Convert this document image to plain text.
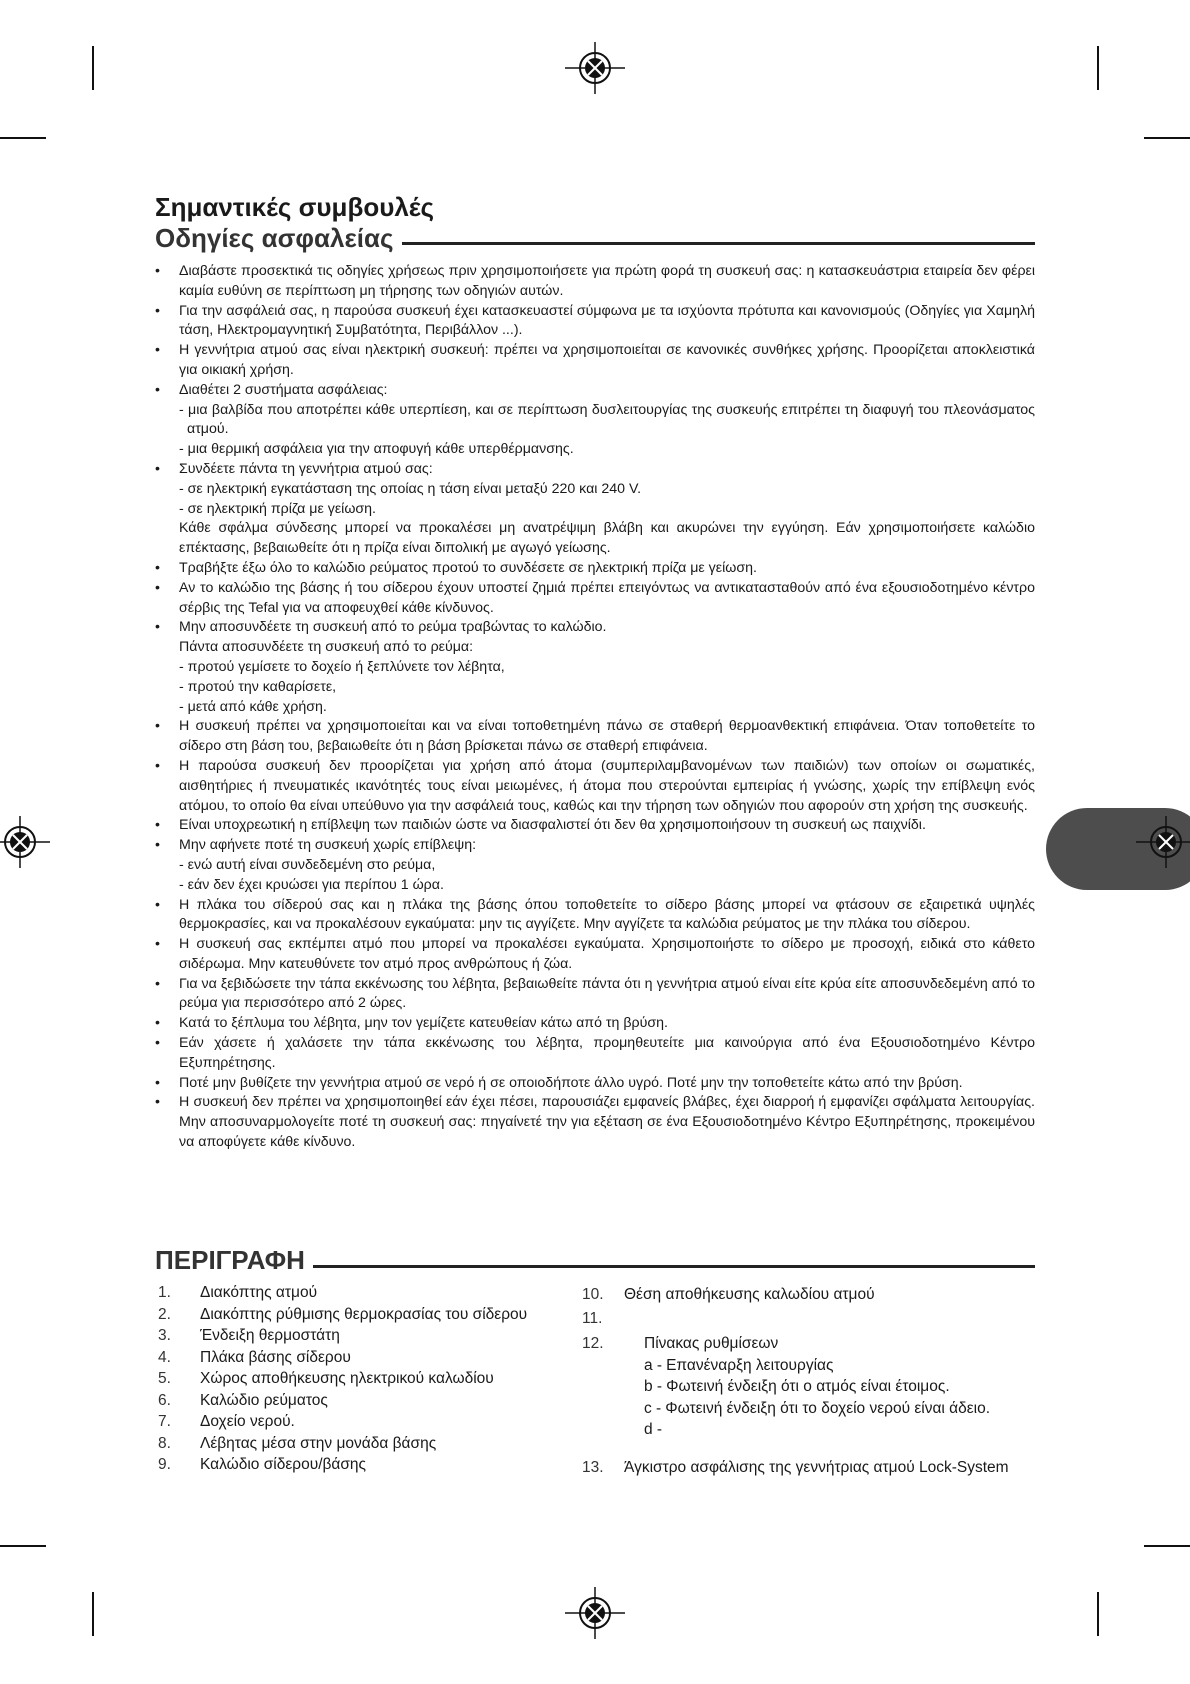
Σημαντικές συμβουλές
Οδηγίες ασφαλείας
• Διαβάστε προσεκτικά τις οδηγίες χρήσεως πριν χρησιμοποιήσετε για πρώτη φορά τη συσκευή σας: η κατασκευάστρια εταιρεία δεν φέρει καμία ευθύνη σε περίπτωση μη τήρησης των οδηγιών αυτών.
• Για την ασφάλειά σας, η παρούσα συσκευή έχει κατασκευαστεί σύμφωνα με τα ισχύοντα πρότυπα και κανονισμούς (Οδηγίες για Χαμηλή τάση, Ηλεκτρομαγνητική Συμβατότητα, Περιβάλλον ...).
• Η γεννήτρια ατμού σας είναι ηλεκτρική συσκευή: πρέπει να χρησιμοποιείται σε κανονικές συνθήκες χρήσης. Προορίζεται αποκλειστικά για οικιακή χρήση.
• Διαθέτει 2 συστήματα ασφάλειας:
- μια βαλβίδα που αποτρέπει κάθε υπερπίεση, και σε περίπτωση δυσλειτουργίας της συσκευής επιτρέπει τη διαφυγή του πλεονάσματος ατμού.
- μια θερμική ασφάλεια για την αποφυγή κάθε υπερθέρμανσης.
• Συνδέετε πάντα τη γεννήτρια ατμού σας:
- σε ηλεκτρική εγκατάσταση της οποίας η τάση είναι μεταξύ 220 και 240 V.
- σε ηλεκτρική πρίζα με γείωση.
Κάθε σφάλμα σύνδεσης μπορεί να προκαλέσει μη ανατρέψιμη βλάβη και ακυρώνει την εγγύηση. Εάν χρησιμοποιήσετε καλώδιο επέκτασης, βεβαιωθείτε ότι η πρίζα είναι διπολική με αγωγό γείωσης.
• Τραβήξτε έξω όλο το καλώδιο ρεύματος προτού το συνδέσετε σε ηλεκτρική πρίζα με γείωση.
• Αν το καλώδιο της βάσης ή του σίδερου έχουν υποστεί ζημιά πρέπει επειγόντως να αντικατασταθούν από ένα εξουσιοδοτημένο κέντρο σέρβις της Tefal για να αποφευχθεί κάθε κίνδυνος.
• Μην αποσυνδέετε τη συσκευή από το ρεύμα τραβώντας το καλώδιο.
Πάντα αποσυνδέετε τη συσκευή από το ρεύμα:
- προτού γεμίσετε το δοχείο ή ξεπλύνετε τον λέβητα,
- προτού την καθαρίσετε,
- μετά από κάθε χρήση.
• Η συσκευή πρέπει να χρησιμοποιείται και να είναι τοποθετημένη πάνω σε σταθερή θερμοανθεκτική επιφάνεια. Όταν τοποθετείτε το σίδερο στη βάση του, βεβαιωθείτε ότι η βάση βρίσκεται πάνω σε σταθερή επιφάνεια.
• Η παρούσα συσκευή δεν προορίζεται για χρήση από άτομα (συμπεριλαμβανομένων των παιδιών) των οποίων οι σωματικές, αισθητήριες ή πνευματικές ικανότητές τους είναι μειωμένες, ή άτομα που στερούνται εμπειρίας ή γνώσης, χωρίς την επίβλεψη ενός ατόμου, το οποίο θα είναι υπεύθυνο για την ασφάλειά τους, καθώς και την τήρηση των οδηγιών που αφορούν στη χρήση της συσκευής.
• Είναι υποχρεωτική η επίβλεψη των παιδιών ώστε να διασφαλιστεί ότι δεν θα χρησιμοποιήσουν τη συσκευή ως παιχνίδι.
• Μην αφήνετε ποτέ τη συσκευή χωρίς επίβλεψη:
- ενώ αυτή είναι συνδεδεμένη στο ρεύμα,
- εάν δεν έχει κρυώσει για περίπου 1 ώρα.
• Η πλάκα του σίδερού σας και η πλάκα της βάσης όπου τοποθετείτε το σίδερο βάσης μπορεί να φτάσουν σε εξαιρετικά υψηλές θερμοκρασίες, και να προκαλέσουν εγκαύματα: μην τις αγγίζετε. Μην αγγίζετε τα καλώδια ρεύματος με την πλάκα του σίδερου.
• Η συσκευή σας εκπέμπει ατμό που μπορεί να προκαλέσει εγκαύματα. Χρησιμοποιήστε το σίδερο με προσοχή, ειδικά στο κάθετο σιδέρωμα. Μην κατευθύνετε τον ατμό προς ανθρώπους ή ζώα.
• Για να ξεβιδώσετε την τάπα εκκένωσης του λέβητα, βεβαιωθείτε πάντα ότι η γεννήτρια ατμού είναι είτε κρύα είτε αποσυνδεδεμένη από το ρεύμα για περισσότερο από 2 ώρες.
• Κατά το ξέπλυμα του λέβητα, μην τον γεμίζετε κατευθείαν κάτω από τη βρύση.
• Εάν χάσετε ή χαλάσετε την τάπα εκκένωσης του λέβητα, προμηθευτείτε μια καινούργια από ένα Εξουσιοδοτημένο Κέντρο Εξυπηρέτησης.
• Ποτέ μην βυθίζετε την γεννήτρια ατμού σε νερό ή σε οποιοδήποτε άλλο υγρό. Ποτέ μην την τοποθετείτε κάτω από την βρύση.
• Η συσκευή δεν πρέπει να χρησιμοποιηθεί εάν έχει πέσει, παρουσιάζει εμφανείς βλάβες, έχει διαρροή ή εμφανίζει σφάλματα λειτουργίας. Μην αποσυναρμολογείτε ποτέ τη συσκευή σας: πηγαίνετέ την για εξέταση σε ένα Εξουσιοδοτημένο Κέντρο Εξυπηρέτησης, προκειμένου να αποφύγετε κάθε κίνδυνο.
ΠΕΡΙΓΡΑΦΗ
1.	Διακόπτης ατμού
2.	Διακόπτης ρύθμισης θερμοκρασίας του σίδερου
3.	Ένδειξη θερμοστάτη
4.	Πλάκα βάσης σίδερου
5.	Χώρος αποθήκευσης ηλεκτρικού καλωδίου
6.	Καλώδιο ρεύματος
7.	Δοχείο νερού.
8.	Λέβητας μέσα στην μονάδα βάσης
9.	Καλώδιο σίδερου/βάσης
10.	Θέση αποθήκευσης καλωδίου ατμού
11.
12.	Πίνακας ρυθμίσεων
a - Επανέναρξη λειτουργίας
b - Φωτεινή ένδειξη ότι ο ατμός είναι έτοιμος.
c - Φωτεινή ένδειξη ότι το δοχείο νερού είναι άδειο.
d -
13.	Άγκιστρο ασφάλισης της γεννήτριας ατμού Lock-System
